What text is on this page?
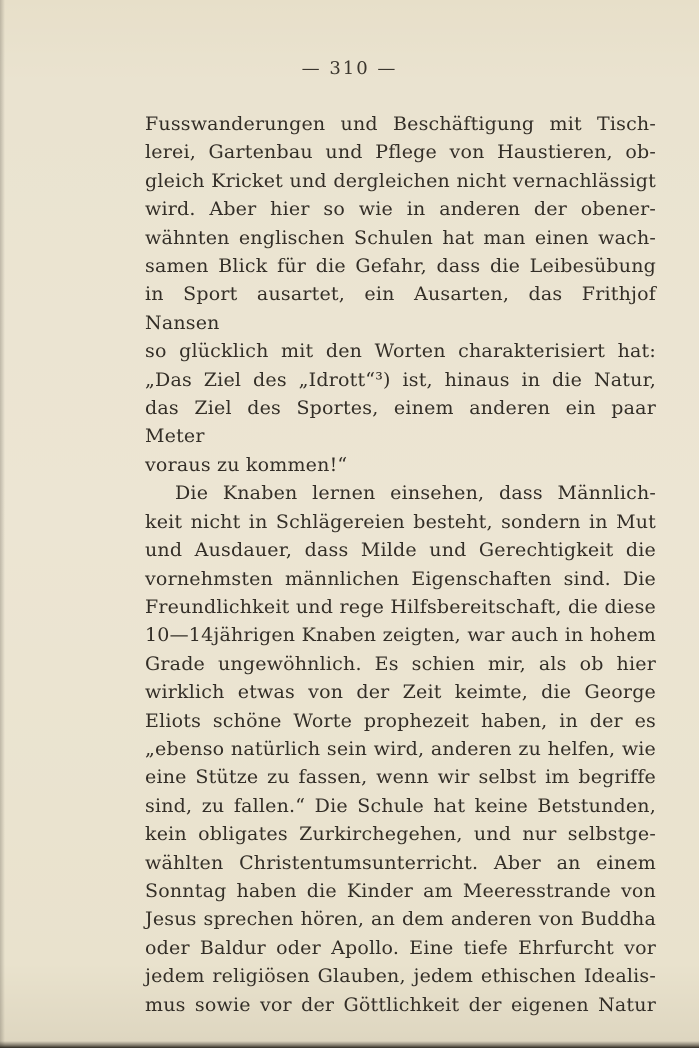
— 310 —
Fusswanderungen und Beschäftigung mit Tisch-
lerei, Gartenbau und Pflege von Haustieren, ob-
gleich Kricket und dergleichen nicht vernachlässigt
wird. Aber hier so wie in anderen der obener-
wähnten englischen Schulen hat man einen wach-
samen Blick für die Gefahr, dass die Leibesübung
in Sport ausartet, ein Ausarten, das Frithjof Nansen
so glücklich mit den Worten charakterisiert hat:
„Das Ziel des „Idrott“³) ist, hinaus in die Natur,
das Ziel des Sportes, einem anderen ein paar Meter
voraus zu kommen!“
Die Knaben lernen einsehen, dass Männlich-
keit nicht in Schlägereien besteht, sondern in Mut
und Ausdauer, dass Milde und Gerechtigkeit die
vornehmsten männlichen Eigenschaften sind. Die
Freundlichkeit und rege Hilfsbereitschaft, die diese
10—14jährigen Knaben zeigten, war auch in hohem
Grade ungewöhnlich. Es schien mir, als ob hier
wirklich etwas von der Zeit keimte, die George
Eliots schöne Worte prophezeit haben, in der es
„ebenso natürlich sein wird, anderen zu helfen, wie
eine Stütze zu fassen, wenn wir selbst im begriffe
sind, zu fallen.“ Die Schule hat keine Betstunden,
kein obligates Zurkirchegehen, und nur selbstge-
wählten Christentumsunterricht. Aber an einem
Sonntag haben die Kinder am Meeresstrande von
Jesus sprechen hören, an dem anderen von Buddha
oder Baldur oder Apollo. Eine tiefe Ehrfurcht vor
jedem religiösen Glauben, jedem ethischen Idealis-
mus sowie vor der Göttlichkeit der eigenen Natur
